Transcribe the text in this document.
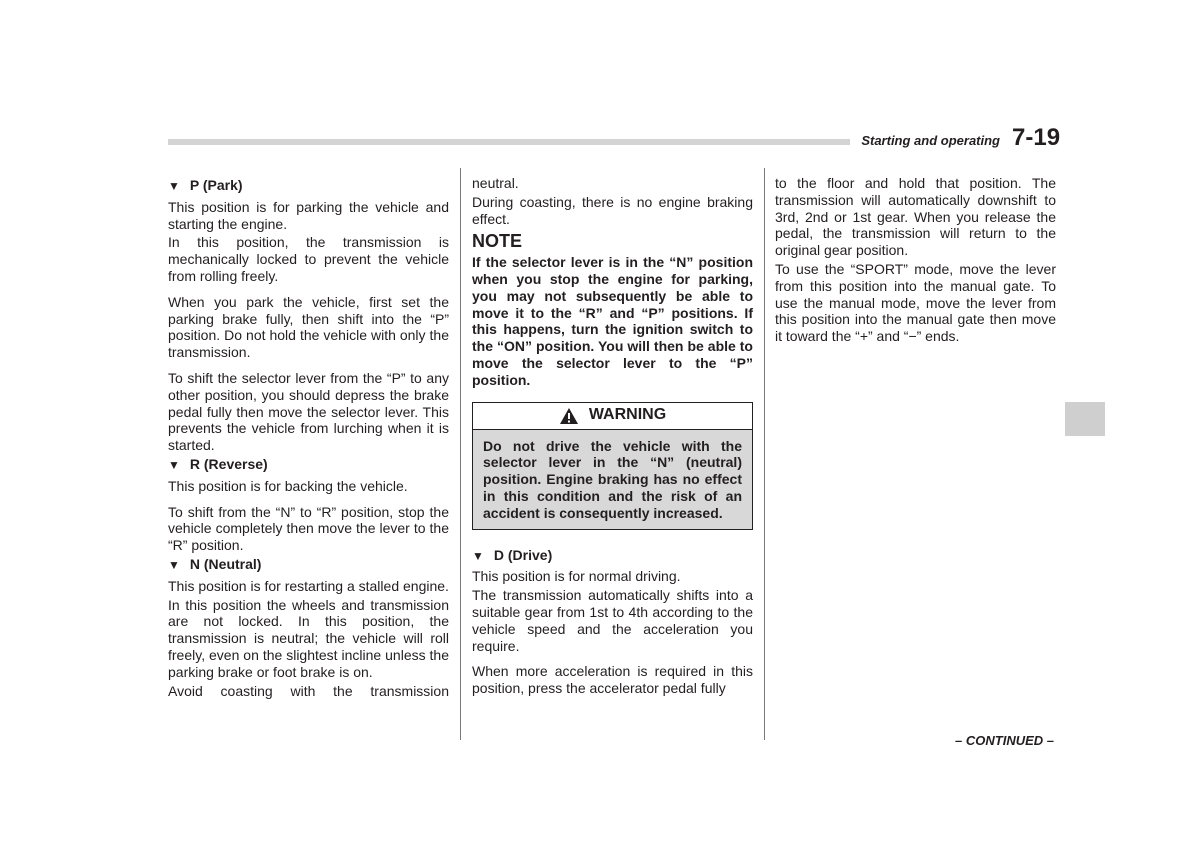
Starting and operating 7-19
▼ P (Park)

This position is for parking the vehicle and starting the engine.

In this position, the transmission is mechanically locked to prevent the vehicle from rolling freely.

When you park the vehicle, first set the parking brake fully, then shift into the “P” position. Do not hold the vehicle with only the transmission.

To shift the selector lever from the “P” to any other position, you should depress the brake pedal fully then move the selector lever. This prevents the vehicle from lurching when it is started.

▼ R (Reverse)

This position is for backing the vehicle.

To shift from the “N” to “R” position, stop the vehicle completely then move the lever to the “R” position.

▼ N (Neutral)

This position is for restarting a stalled engine.

In this position the wheels and transmission are not locked. In this position, the transmission is neutral; the vehicle will roll freely, even on the slightest incline unless the parking brake or foot brake is on.

Avoid coasting with the transmission

neutral.

During coasting, there is no engine braking effect.

NOTE
If the selector lever is in the “N” position when you stop the engine for parking, you may not subsequently be able to move it to the “R” and “P” positions. If this happens, turn the ignition switch to the “ON” position. You will then be able to move the selector lever to the “P” position.
WARNING
Do not drive the vehicle with the selector lever in the “N” (neutral) position. Engine braking has no effect in this condition and the risk of an accident is consequently increased.
▼ D (Drive)

This position is for normal driving.

The transmission automatically shifts into a suitable gear from 1st to 4th according to the vehicle speed and the acceleration you require.

When more acceleration is required in this position, press the accelerator pedal fully

to the floor and hold that position. The transmission will automatically downshift to 3rd, 2nd or 1st gear. When you release the pedal, the transmission will return to the original gear position.

To use the “SPORT” mode, move the lever from this position into the manual gate. To use the manual mode, move the lever from this position into the manual gate then move it toward the “+” and “−” ends.

– CONTINUED –
